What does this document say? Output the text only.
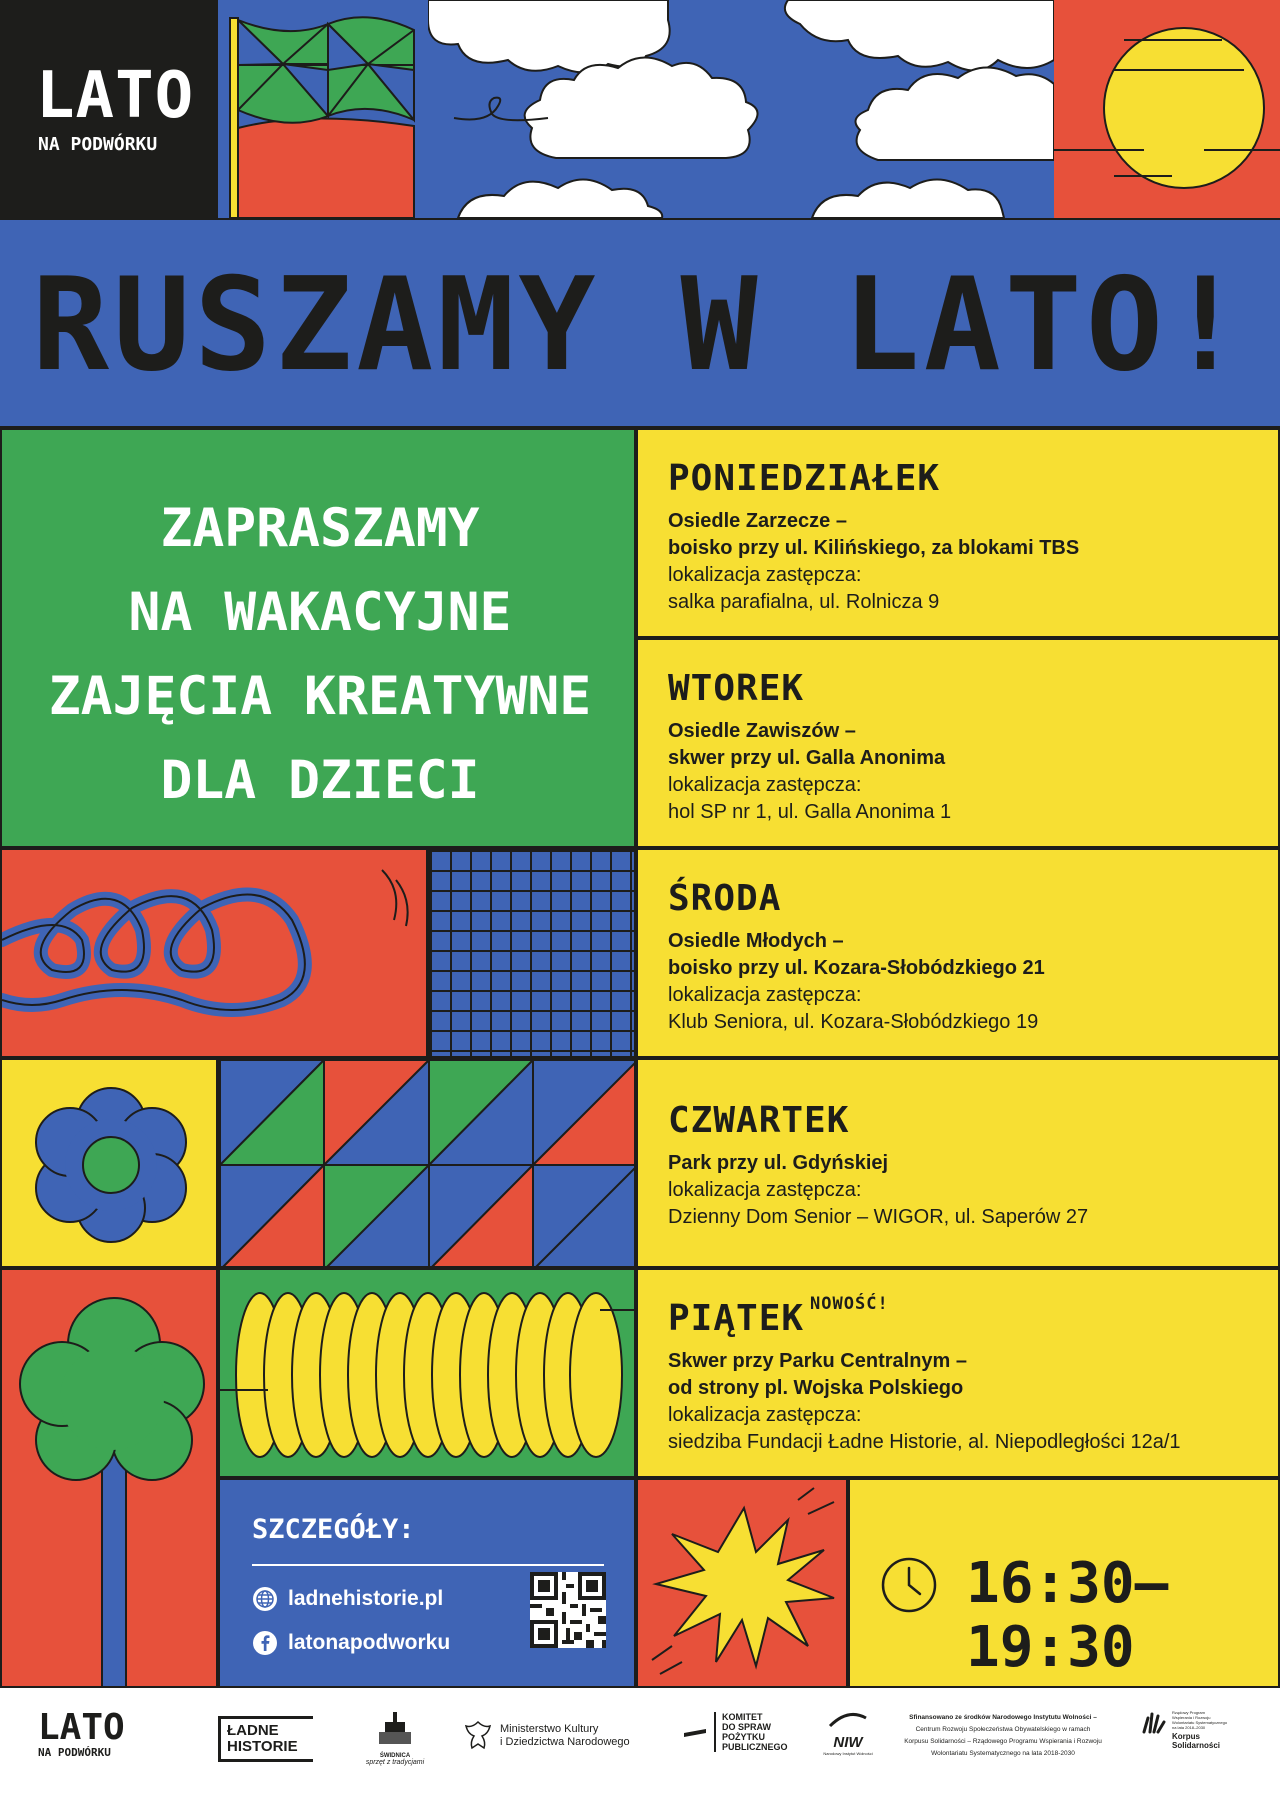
LATO
NA PODWÓRKU
RUSZAMY W LATO!
ZAPRASZAMY
NA WAKACYJNE
ZAJĘCIA KREATYWNE
DLA DZIECI
PONIEDZIAŁEK
Osiedle Zarzecze –
boisko przy ul. Kilińskiego, za blokami TBS
lokalizacja zastępcza:
salka parafialna, ul. Rolnicza 9
WTOREK
Osiedle Zawiszów –
skwer przy ul. Galla Anonima
lokalizacja zastępcza:
hol SP nr 1, ul. Galla Anonima 1
ŚRODA
Osiedle Młodych –
boisko przy ul. Kozara-Słobódzkiego 21
lokalizacja zastępcza:
Klub Seniora, ul. Kozara-Słobódzkiego 19
CZWARTEK
Park przy ul. Gdyńskiej
lokalizacja zastępcza:
Dzienny Dom Senior – WIGOR, ul. Saperów 27
PIĄTEK $^{NOWOŚĆ!}$
Skwer przy Parku Centralnym –
od strony pl. Wojska Polskiego
lokalizacja zastępcza:
siedziba Fundacji Ładne Historie, al. Niepodległości 12a/1
SZCZEGÓŁY:
ladnehistorie.pl
latonapodworku
16:30–19:30
LATO
NA PODWÓRKU
ŁADNE
HISTORIE
ŚWIDNICA
sprzęt z tradycjami
Ministerstwo Kultury
i Dziedzictwa Narodowego
KOMITET
DO SPRAW
POŻYTKU
PUBLICZNEGO	NIW
Narodowy Instytut Wolności
Sfinansowano ze środków Narodowego Instytutu Wolności –
Centrum Rozwoju Społeczeństwa Obywatelskiego w ramach
Korpusu Solidarności – Rządowego Programu Wspierania i Rozwoju
Wolontariatu Systematycznego na lata 2018-2030
Rządowy Program
Wspierania i Rozwoju
Wolontariatu Systematycznego
na lata 2018–2030
Korpus
Solidarności
